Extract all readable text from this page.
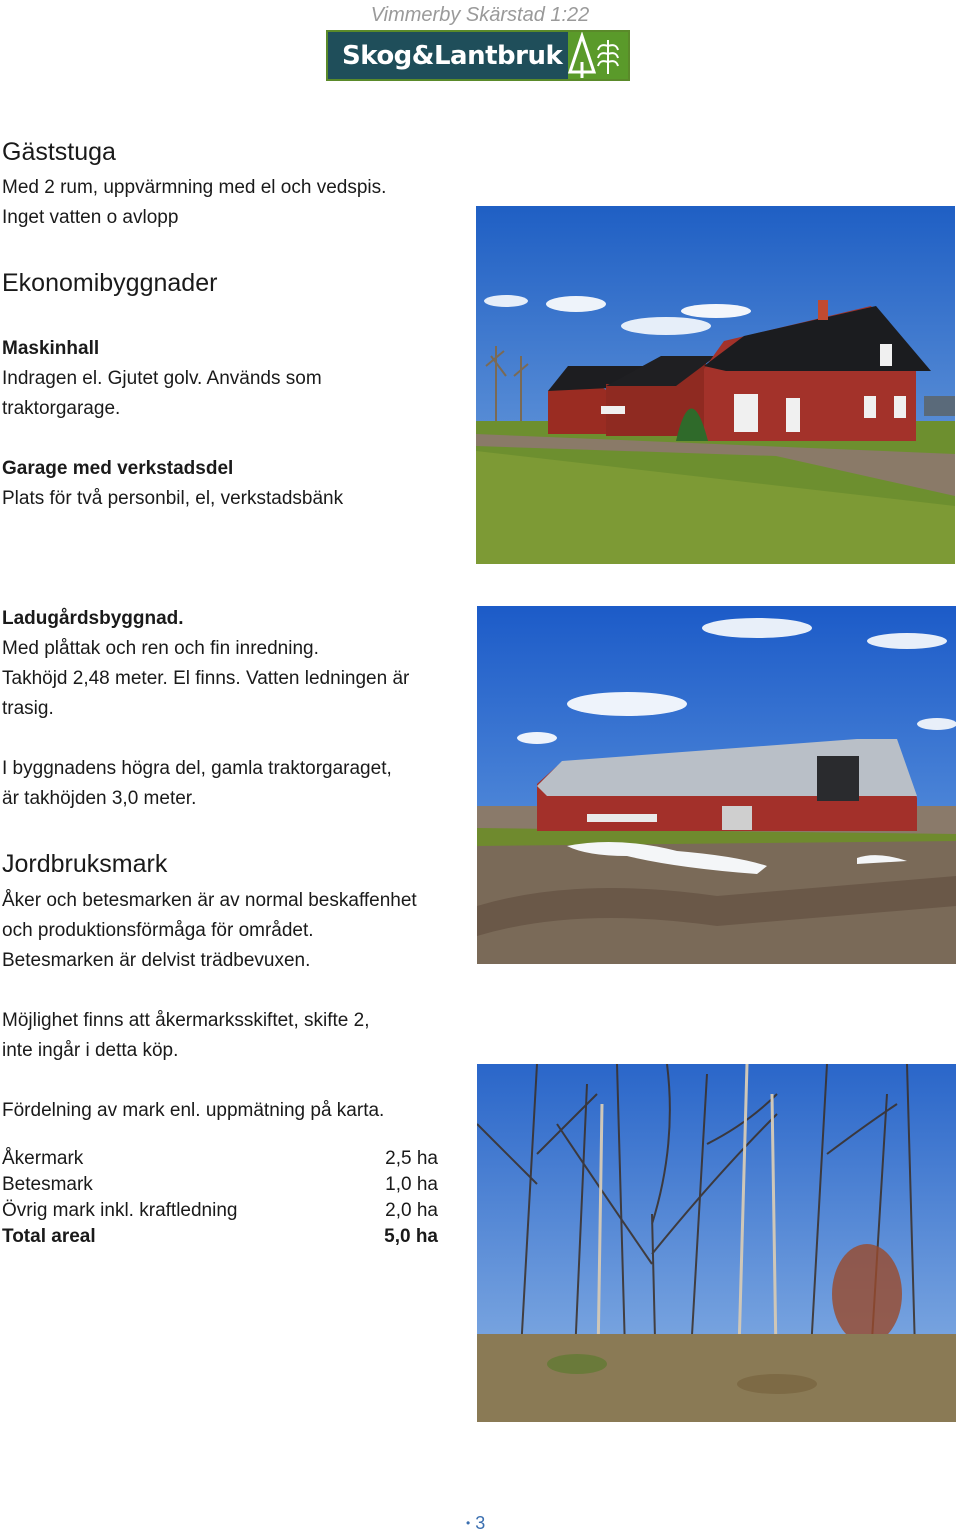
Vimmerby Skärstad 1:22
Skog&Lantbruk
Gäststuga
Med 2 rum, uppvärmning med el och vedspis.
Inget vatten o avlopp
Ekonomibyggnader
Maskinhall
Indragen el. Gjutet golv. Används som
traktorgarage.
Garage med verkstadsdel
Plats för två personbil, el, verkstadsbänk
Ladugårdsbyggnad.
Med plåttak och ren och fin inredning.
Takhöjd 2,48 meter. El finns. Vatten ledningen är
trasig.
I byggnadens högra del, gamla traktorgaraget,
är takhöjden 3,0 meter.
Jordbruksmark
Åker och betesmarken är av normal beskaffenhet
och produktionsförmåga för området.
Betesmarken är delvist trädbevuxen.
Möjlighet finns att åkermarksskiftet, skifte 2,
inte ingår i detta köp.
Fördelning av mark enl. uppmätning på karta.
Åkermark	2,5 ha
Betesmark	1,0 ha
Övrig mark inkl. kraftledning	2,0 ha
Total areal	5,0 ha
• 3
